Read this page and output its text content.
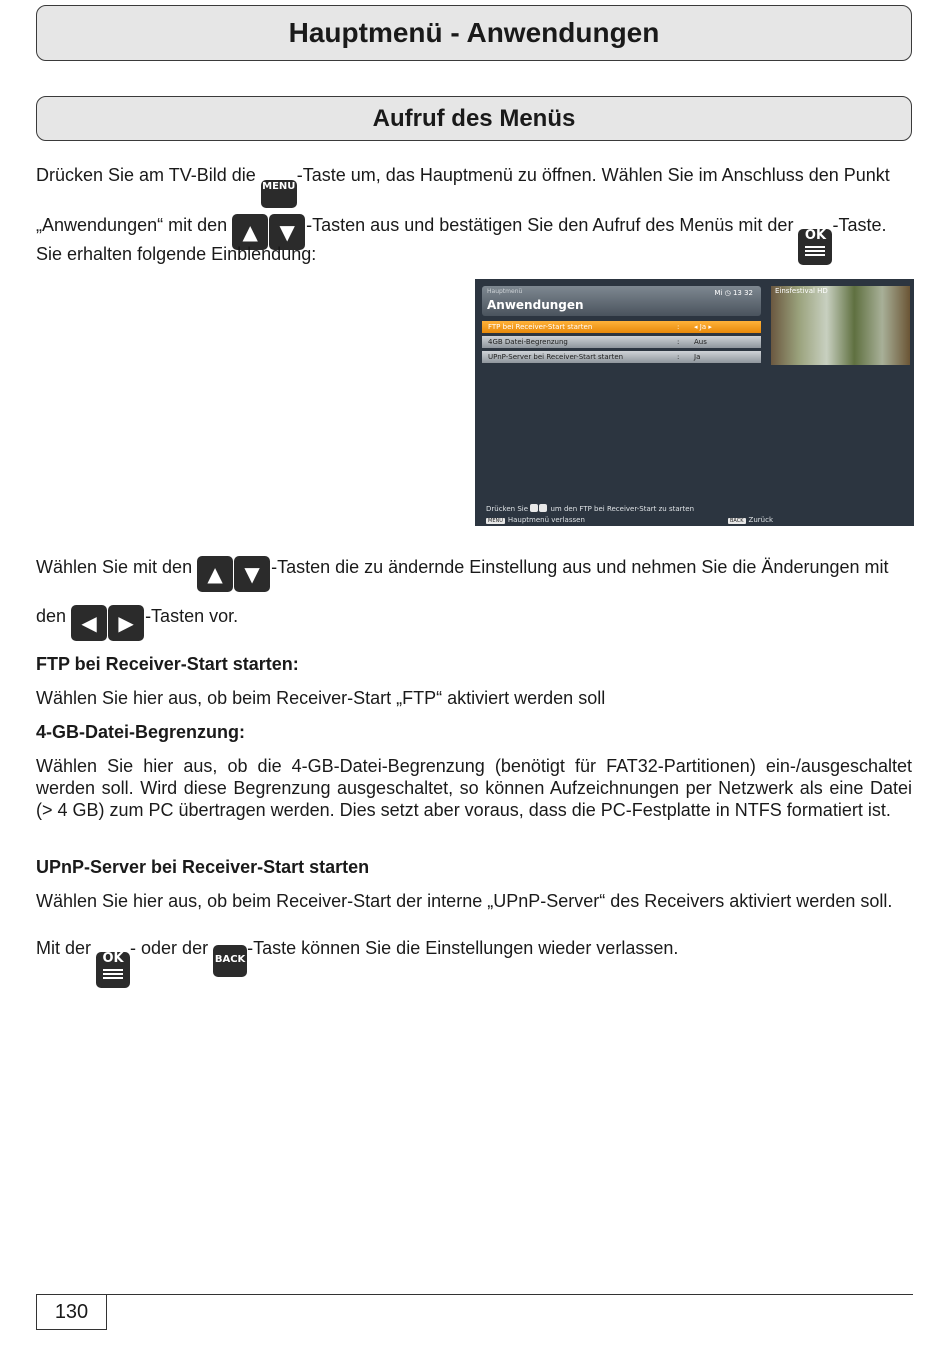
Hauptmenü - Anwendungen
Aufruf des Menüs
Drücken Sie am TV-Bild die MENU-Taste um, das Hauptmenü zu öffnen. Wählen Sie im Anschluss den Punkt
„Anwendungen“ mit den ▲ ▼ -Tasten aus und bestätigen Sie den Aufruf des Menüs mit der OK
-Taste.
Sie erhalten folgende Einblendung:
Hauptmenü
Anwendungen
Mi ◷ 13 32
FTP bei Receiver-Start starten	: ◂ Ja ▸
4GB Datei-Begrenzung	: Aus
UPnP-Server bei Receiver-Start starten	: Ja
Einsfestival HD
Drücken Sie	um den FTP bei Receiver-Start zu starten
MENU Hauptmenü verlassen	BACK Zurück
Wählen Sie mit den ▲ ▼ -Tasten die zu ändernde Einstellung aus und nehmen Sie die Änderungen mit
den ◀ ▶ -Tasten vor.
FTP bei Receiver-Start starten:
Wählen Sie hier aus, ob beim Receiver-Start „FTP“ aktiviert werden soll
4-GB-Datei-Begrenzung:
Wählen Sie hier aus, ob die 4-GB-Datei-Begrenzung (benötigt für FAT32-Partitionen) ein-/ausgeschaltet werden soll. Wird diese Begrenzung ausgeschaltet, so können Aufzeichnungen per Netzwerk als eine Datei (> 4 GB) zum PC übertragen werden. Dies setzt aber voraus, dass die PC-Festplatte in NTFS formatiert ist.
UPnP-Server bei Receiver-Start starten
Wählen Sie hier aus, ob beim Receiver-Start der interne „UPnP-Server“ des Receivers aktiviert werden soll.
Mit der OK
- oder der BACK-Taste können Sie die Einstellungen wieder verlassen.
130
